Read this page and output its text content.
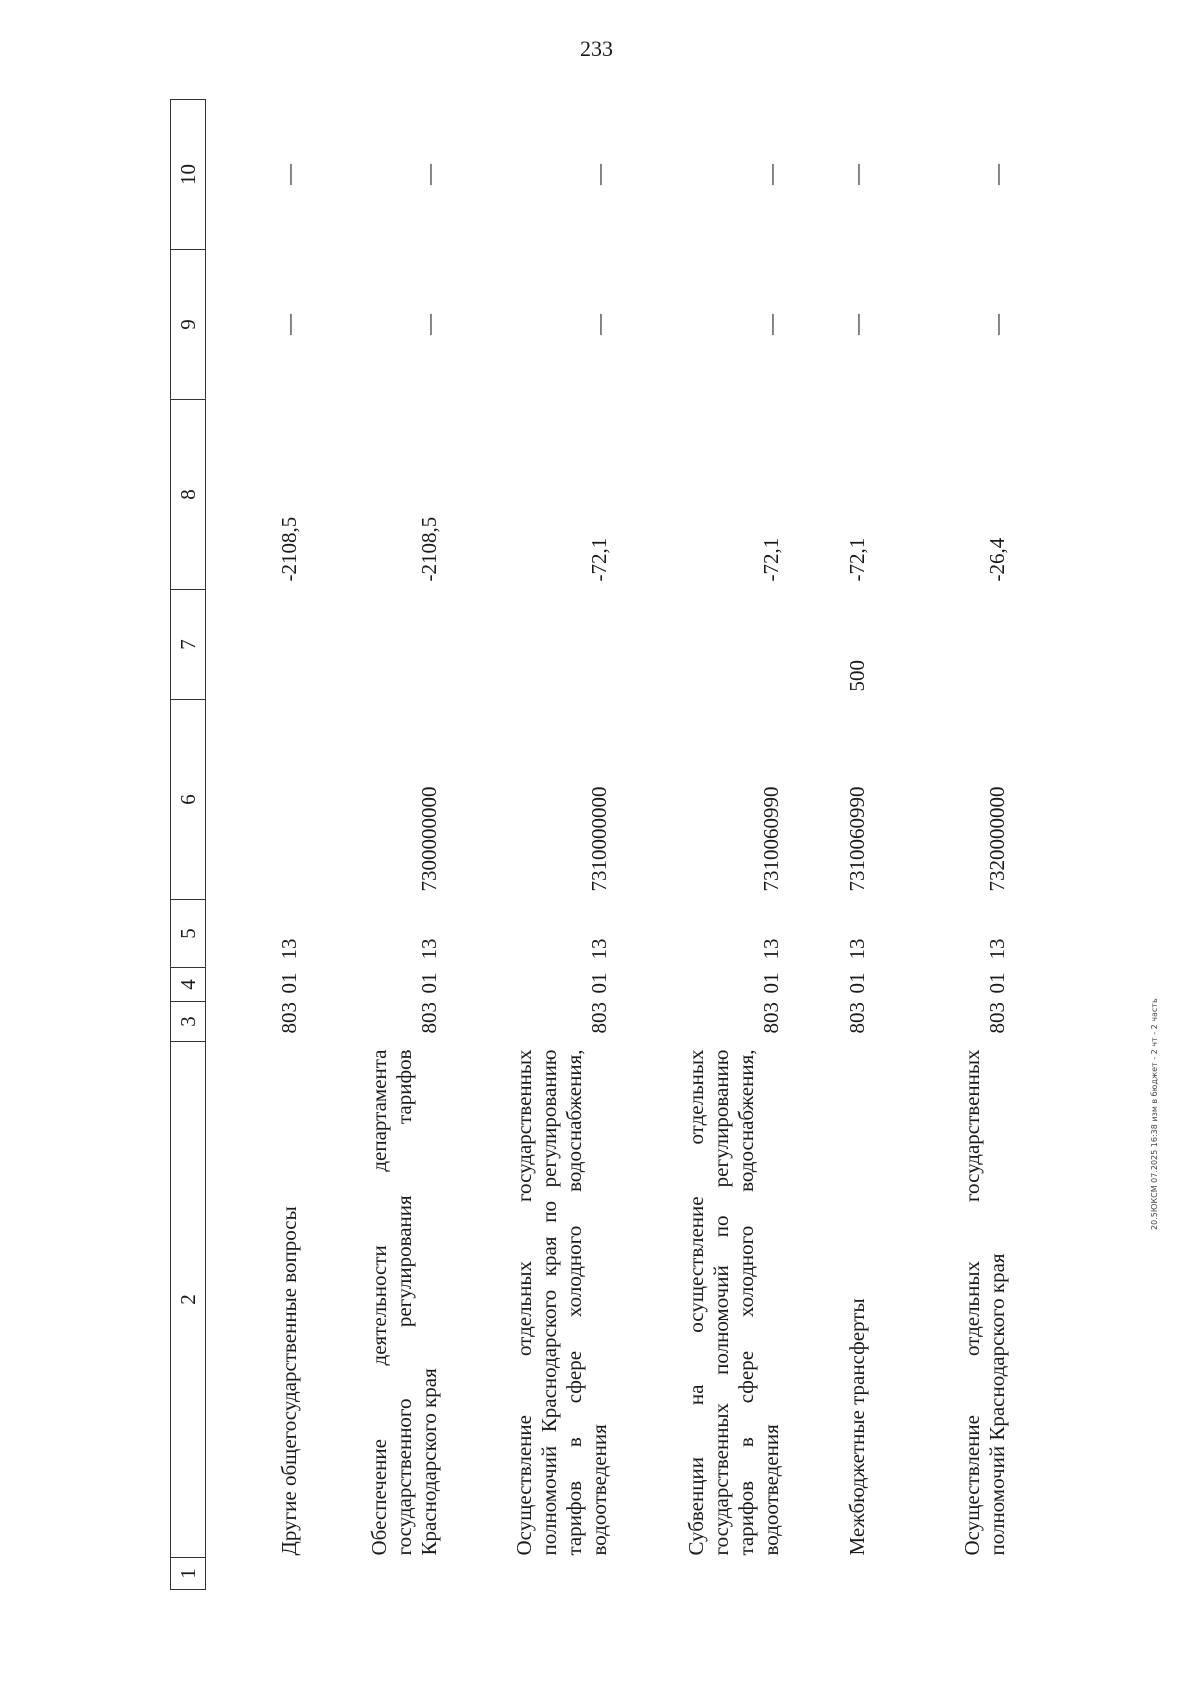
233
20.5ЮКСМ 07.2025 16:38 изм в бюджет - 2 чт - 2 часть
1	2	3	4	5	6	7	8	9	10
	Другие общегосударственные вопросы	803	01	13			-2108,5	—	—
	Обеспечение деятельности департамента государственного регулирования тарифов Краснодарского края	803	01	13	7300000000		-2108,5	—	—
	Осуществление отдельных государственных полномочий Краснодарского края по регулированию тарифов в сфере холодного водоснабжения, водоотведения	803	01	13	7310000000		-72,1	—	—
	Субвенции на осуществление отдельных государственных полномочий по регулированию тарифов в сфере холодного водоснабжения, водоотведения	803	01	13	7310060990		-72,1	—	—
	Межбюджетные трансферты	803	01	13	7310060990	500	-72,1	—	—
	Осуществление отдельных государственных полномочий Краснодарского края	803	01	13	7320000000		-26,4	—	—
